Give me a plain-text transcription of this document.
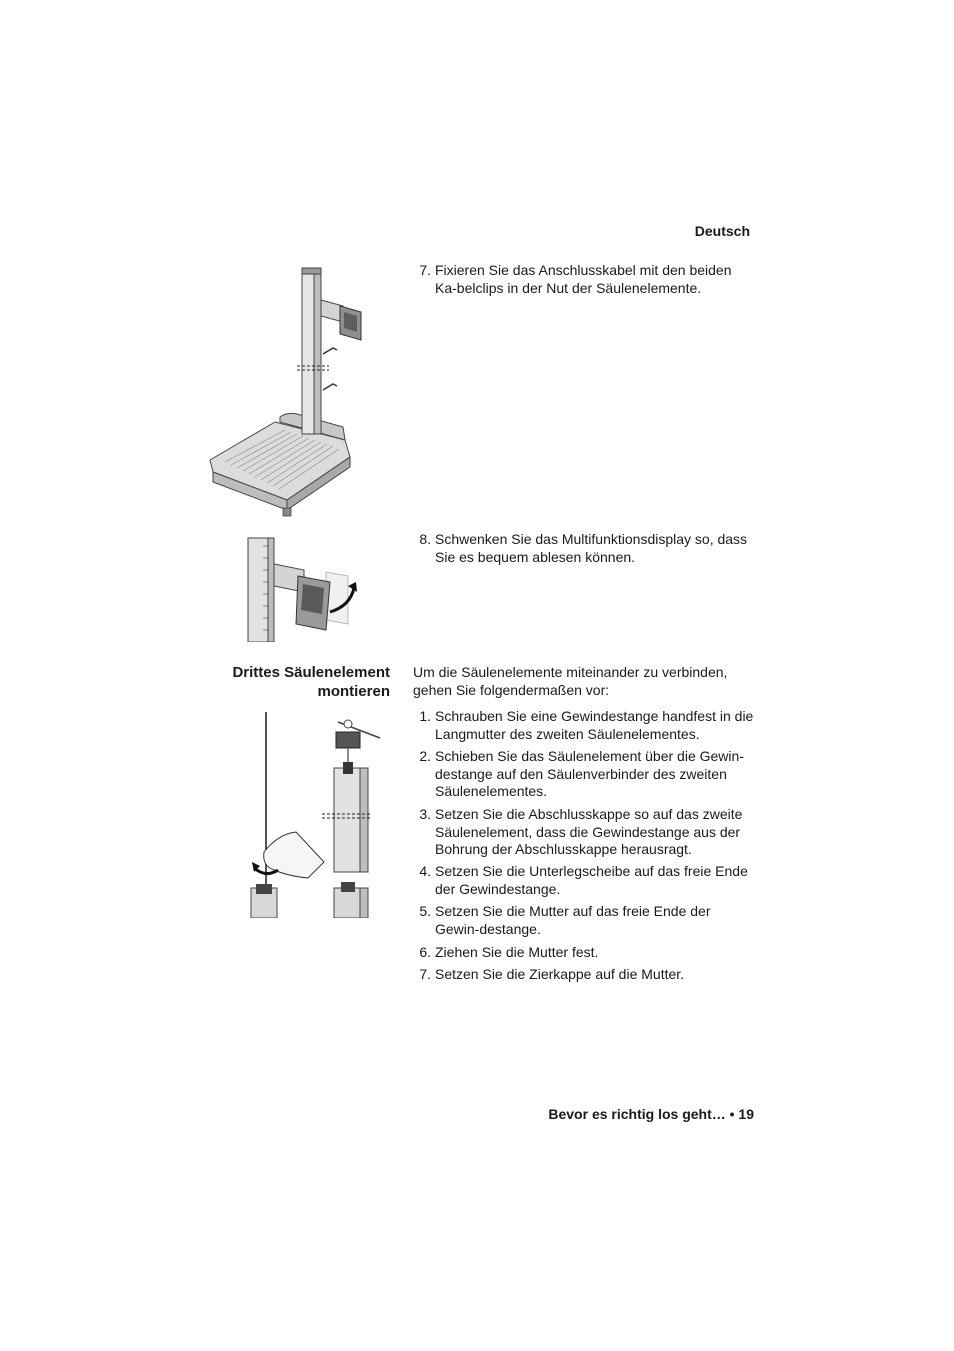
Deutsch
7. Fixieren Sie das Anschlusskabel mit den beiden Ka-belclips in der Nut der Säulenelemente.
8. Schwenken Sie das Multifunktionsdisplay so, dass Sie es bequem ablesen können.
Drittes Säulenelement montieren
Um die Säulenelemente miteinander zu verbinden, gehen Sie folgendermaßen vor:
1. Schrauben Sie eine Gewindestange handfest in die Langmutter des zweiten Säulenelementes.
2. Schieben Sie das Säulenelement über die Gewin-destange auf den Säulenverbinder des zweiten Säulenelementes.
3. Setzen Sie die Abschlusskappe so auf das zweite Säulenelement, dass die Gewindestange aus der Bohrung der Abschlusskappe herausragt.
4. Setzen Sie die Unterlegscheibe auf das freie Ende der Gewindestange.
5. Setzen Sie die Mutter auf das freie Ende der Gewin-destange.
6. Ziehen Sie die Mutter fest.
7. Setzen Sie die Zierkappe auf die Mutter.
Bevor es richtig los geht… • 19
